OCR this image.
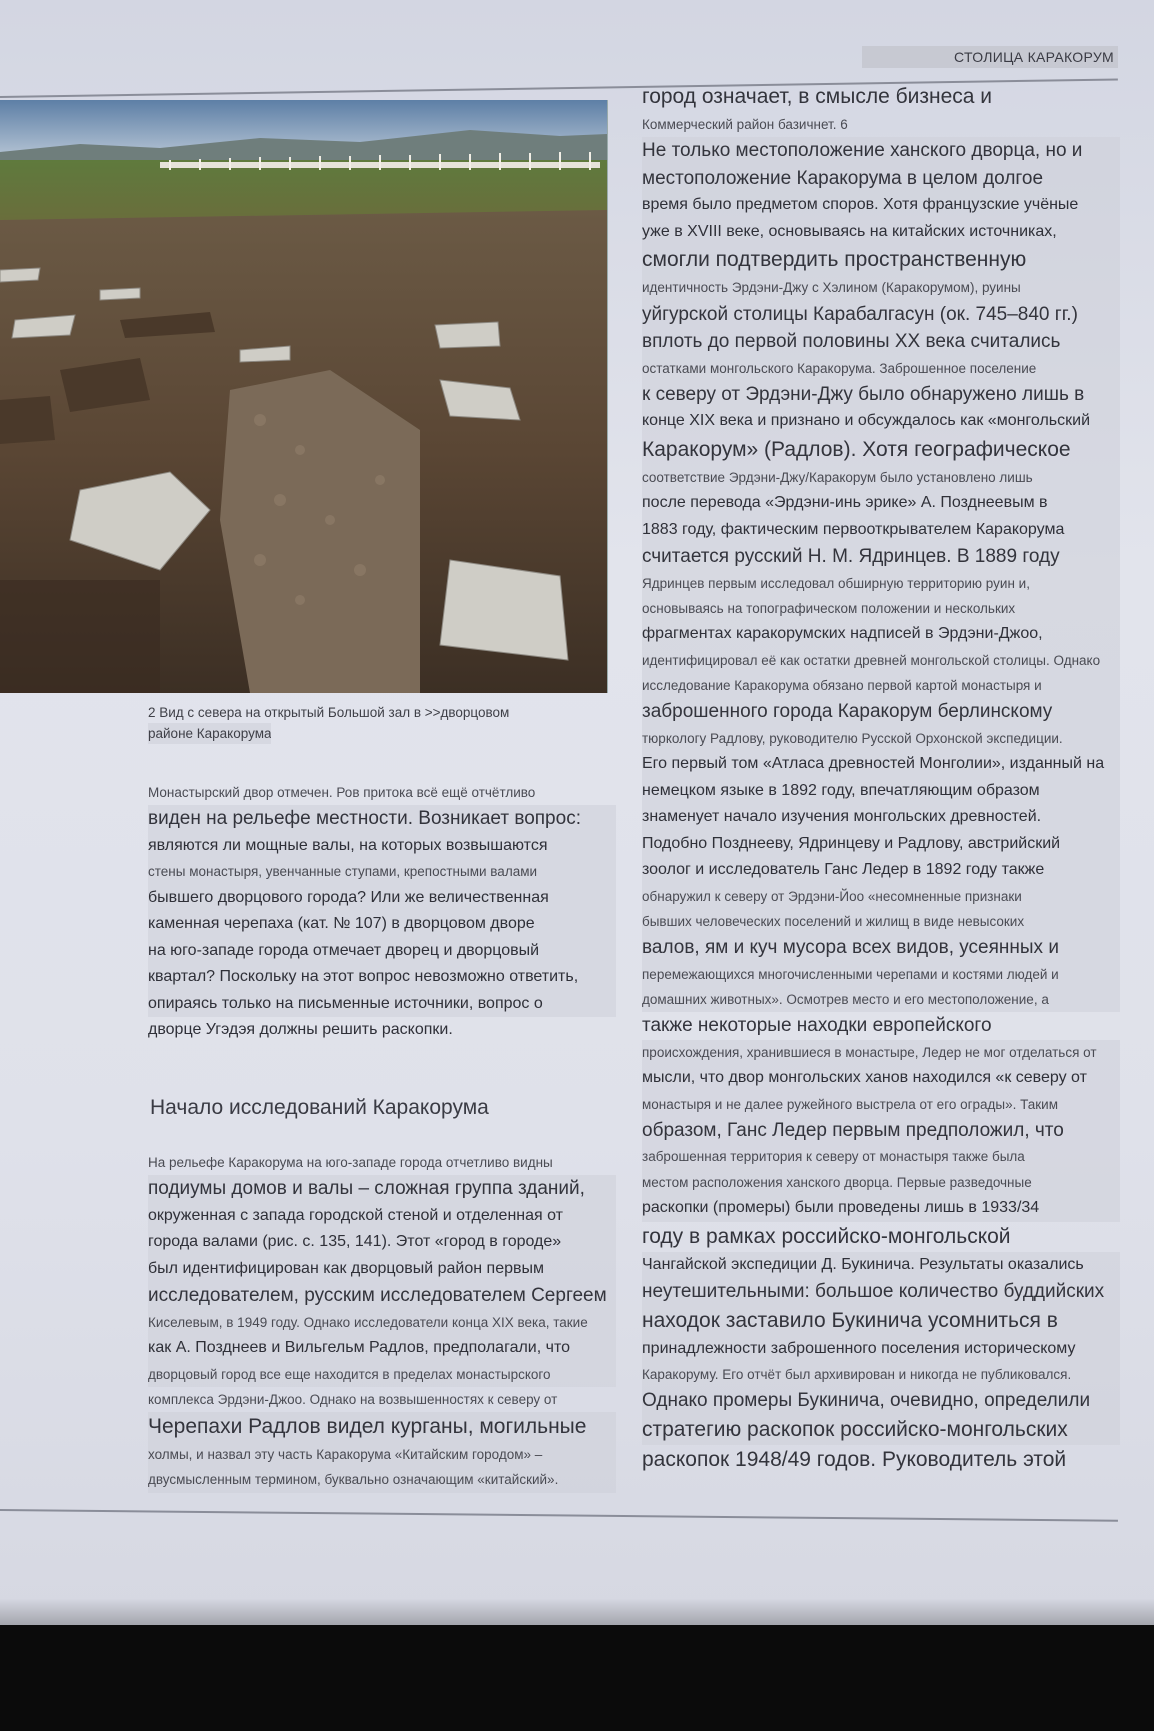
СТОЛИЦА КАРАКОРУМ
2 Вид с севера на открытый Большой зал в >>дворцовом
районе Каракорума
Монастырский двор отмечен. Ров притока всё ещё отчётливо
виден на рельефе местности. Возникает вопрос:
являются ли мощные валы, на которых возвышаются
стены монастыря, увенчанные ступами, крепостными валами
бывшего дворцового города? Или же величественная
каменная черепаха (кат. № 107) в дворцовом дворе
на юго-западе города отмечает дворец и дворцовый
квартал? Поскольку на этот вопрос невозможно ответить,
опираясь только на письменные источники, вопрос о
дворце Угэдэя должны решить раскопки.
Начало исследований Каракорума
На рельефе Каракорума на юго-западе города отчетливо видны
подиумы домов и валы – сложная группа зданий,
окруженная с запада городской стеной и отделенная от
города валами (рис. с. 135, 141). Этот «город в городе»
был идентифицирован как дворцовый район первым
исследователем, русским исследователем Сергеем
Киселевым, в 1949 году. Однако исследователи конца XIX века, такие
как А. Позднеев и Вильгельм Радлов, предполагали, что
дворцовый город все еще находится в пределах монастырского
комплекса Эрдэни-Джоо. Однако на возвышенностях к северу от
Черепахи Радлов видел курганы, могильные
холмы, и назвал эту часть Каракорума «Китайским городом» –
двусмысленным термином, буквально означающим «китайский».
город означает, в смысле бизнеса и
Коммерческий район базичнет. 6
Не только местоположение ханского дворца, но и
местоположение Каракорума в целом долгое
время было предметом споров. Хотя французские учёные
уже в XVIII веке, основываясь на китайских источниках,
смогли подтвердить пространственную
идентичность Эрдэни-Джу с Хэлином (Каракорумом), руины
уйгурской столицы Карабалгасун (ок. 745–840 гг.)
вплоть до первой половины XX века считались
остатками монгольского Каракорума. Заброшенное поселение
к северу от Эрдэни-Джу было обнаружено лишь в
конце XIX века и признано и обсуждалось как «монгольский
Каракорум» (Радлов). Хотя географическое
соответствие Эрдэни-Джу/Каракорум было установлено лишь
после перевода «Эрдэни-инь эрике» А. Позднеевым в
1883 году, фактическим первооткрывателем Каракорума
считается русский Н. М. Ядринцев. В 1889 году
Ядринцев первым исследовал обширную территорию руин и,
основываясь на топографическом положении и нескольких
фрагментах каракорумских надписей в Эрдэни-Джоо,
идентифицировал её как остатки древней монгольской столицы. Однако
исследование Каракорума обязано первой картой монастыря и
заброшенного города Каракорум берлинскому
тюркологу Радлову, руководителю Русской Орхонской экспедиции.
Его первый том «Атласа древностей Монголии», изданный на
немецком языке в 1892 году, впечатляющим образом
знаменует начало изучения монгольских древностей.
Подобно Позднееву, Ядринцеву и Радлову, австрийский
зоолог и исследователь Ганс Ледер в 1892 году также
обнаружил к северу от Эрдэни-Йоо «несомненные признаки
бывших человеческих поселений и жилищ в виде невысоких
валов, ям и куч мусора всех видов, усеянных и
перемежающихся многочисленными черепами и костями людей и
домашних животных». Осмотрев место и его местоположение, а
также некоторые находки европейского
происхождения, хранившиеся в монастыре, Ледер не мог отделаться от
мысли, что двор монгольских ханов находился «к северу от
монастыря и не далее ружейного выстрела от его ограды». Таким
образом, Ганс Ледер первым предположил, что
заброшенная территория к северу от монастыря также была
местом расположения ханского дворца. Первые разведочные
раскопки (промеры) были проведены лишь в 1933/34
году в рамках российско-монгольской
Чангайской экспедиции Д. Букинича. Результаты оказались
неутешительными: большое количество буддийских
находок заставило Букинича усомниться в
принадлежности заброшенного поселения историческому
Каракоруму. Его отчёт был архивирован и никогда не публиковался.
Однако промеры Букинича, очевидно, определили
стратегию раскопок российско-монгольских
раскопок 1948/49 годов. Руководитель этой
